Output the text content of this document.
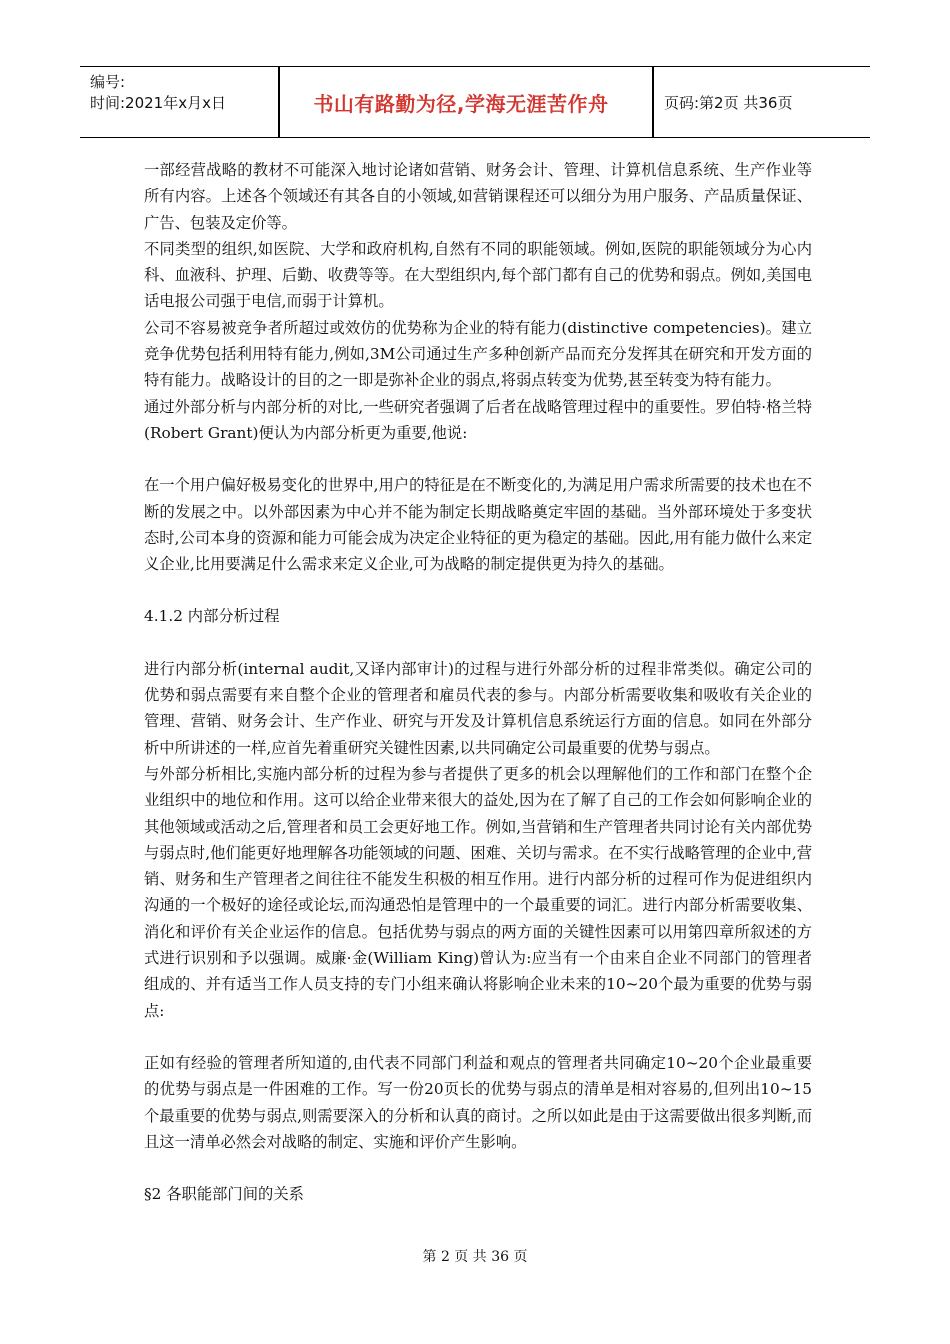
编号:
时间:2021年x月x日	书山有路勤为径,学海无涯苦作舟	页码:第2页 共36页

一部经营战略的教材不可能深入地讨论诸如营销、财务会计、管理、计算机信息系统、生产作业等所有内容。上述各个领域还有其各自的小领域,如营销课程还可以细分为用户服务、产品质量保证、广告、包装及定价等。

不同类型的组织,如医院、大学和政府机构,自然有不同的职能领域。例如,医院的职能领域分为心内科、血液科、护理、后勤、收费等等。在大型组织内,每个部门都有自己的优势和弱点。例如,美国电话电报公司强于电信,而弱于计算机。

公司不容易被竞争者所超过或效仿的优势称为企业的特有能力(distinctive competencies)。建立竞争优势包括利用特有能力,例如,3M公司通过生产多种创新产品而充分发挥其在研究和开发方面的特有能力。战略设计的目的之一即是弥补企业的弱点,将弱点转变为优势,甚至转变为特有能力。

通过外部分析与内部分析的对比,一些研究者强调了后者在战略管理过程中的重要性。罗伯特·格兰特(Robert Grant)便认为内部分析更为重要,他说:

在一个用户偏好极易变化的世界中,用户的特征是在不断变化的,为满足用户需求所需要的技术也在不断的发展之中。以外部因素为中心并不能为制定长期战略奠定牢固的基础。当外部环境处于多变状态时,公司本身的资源和能力可能会成为决定企业特征的更为稳定的基础。因此,用有能力做什么来定义企业,比用要满足什么需求来定义企业,可为战略的制定提供更为持久的基础。

4.1.2 内部分析过程

进行内部分析(internal audit,又译内部审计)的过程与进行外部分析的过程非常类似。确定公司的优势和弱点需要有来自整个企业的管理者和雇员代表的参与。内部分析需要收集和吸收有关企业的管理、营销、财务会计、生产作业、研究与开发及计算机信息系统运行方面的信息。如同在外部分析中所讲述的一样,应首先着重研究关键性因素,以共同确定公司最重要的优势与弱点。

与外部分析相比,实施内部分析的过程为参与者提供了更多的机会以理解他们的工作和部门在整个企业组织中的地位和作用。这可以给企业带来很大的益处,因为在了解了自己的工作会如何影响企业的其他领域或活动之后,管理者和员工会更好地工作。例如,当营销和生产管理者共同讨论有关内部优势与弱点时,他们能更好地理解各功能领域的问题、困难、关切与需求。在不实行战略管理的企业中,营销、财务和生产管理者之间往往不能发生积极的相互作用。进行内部分析的过程可作为促进组织内沟通的一个极好的途径或论坛,而沟通恐怕是管理中的一个最重要的词汇。进行内部分析需要收集、消化和评价有关企业运作的信息。包括优势与弱点的两方面的关键性因素可以用第四章所叙述的方式进行识别和予以强调。威廉·金(William King)曾认为:应当有一个由来自企业不同部门的管理者组成的、并有适当工作人员支持的专门小组来确认将影响企业未来的10~20个最为重要的优势与弱点:

正如有经验的管理者所知道的,由代表不同部门利益和观点的管理者共同确定10~20个企业最重要的优势与弱点是一件困难的工作。写一份20页长的优势与弱点的清单是相对容易的,但列出10~15个最重要的优势与弱点,则需要深入的分析和认真的商讨。之所以如此是由于这需要做出很多判断,而且这一清单必然会对战略的制定、实施和评价产生影响。

§2 各职能部门间的关系

第 2 页 共 36 页
